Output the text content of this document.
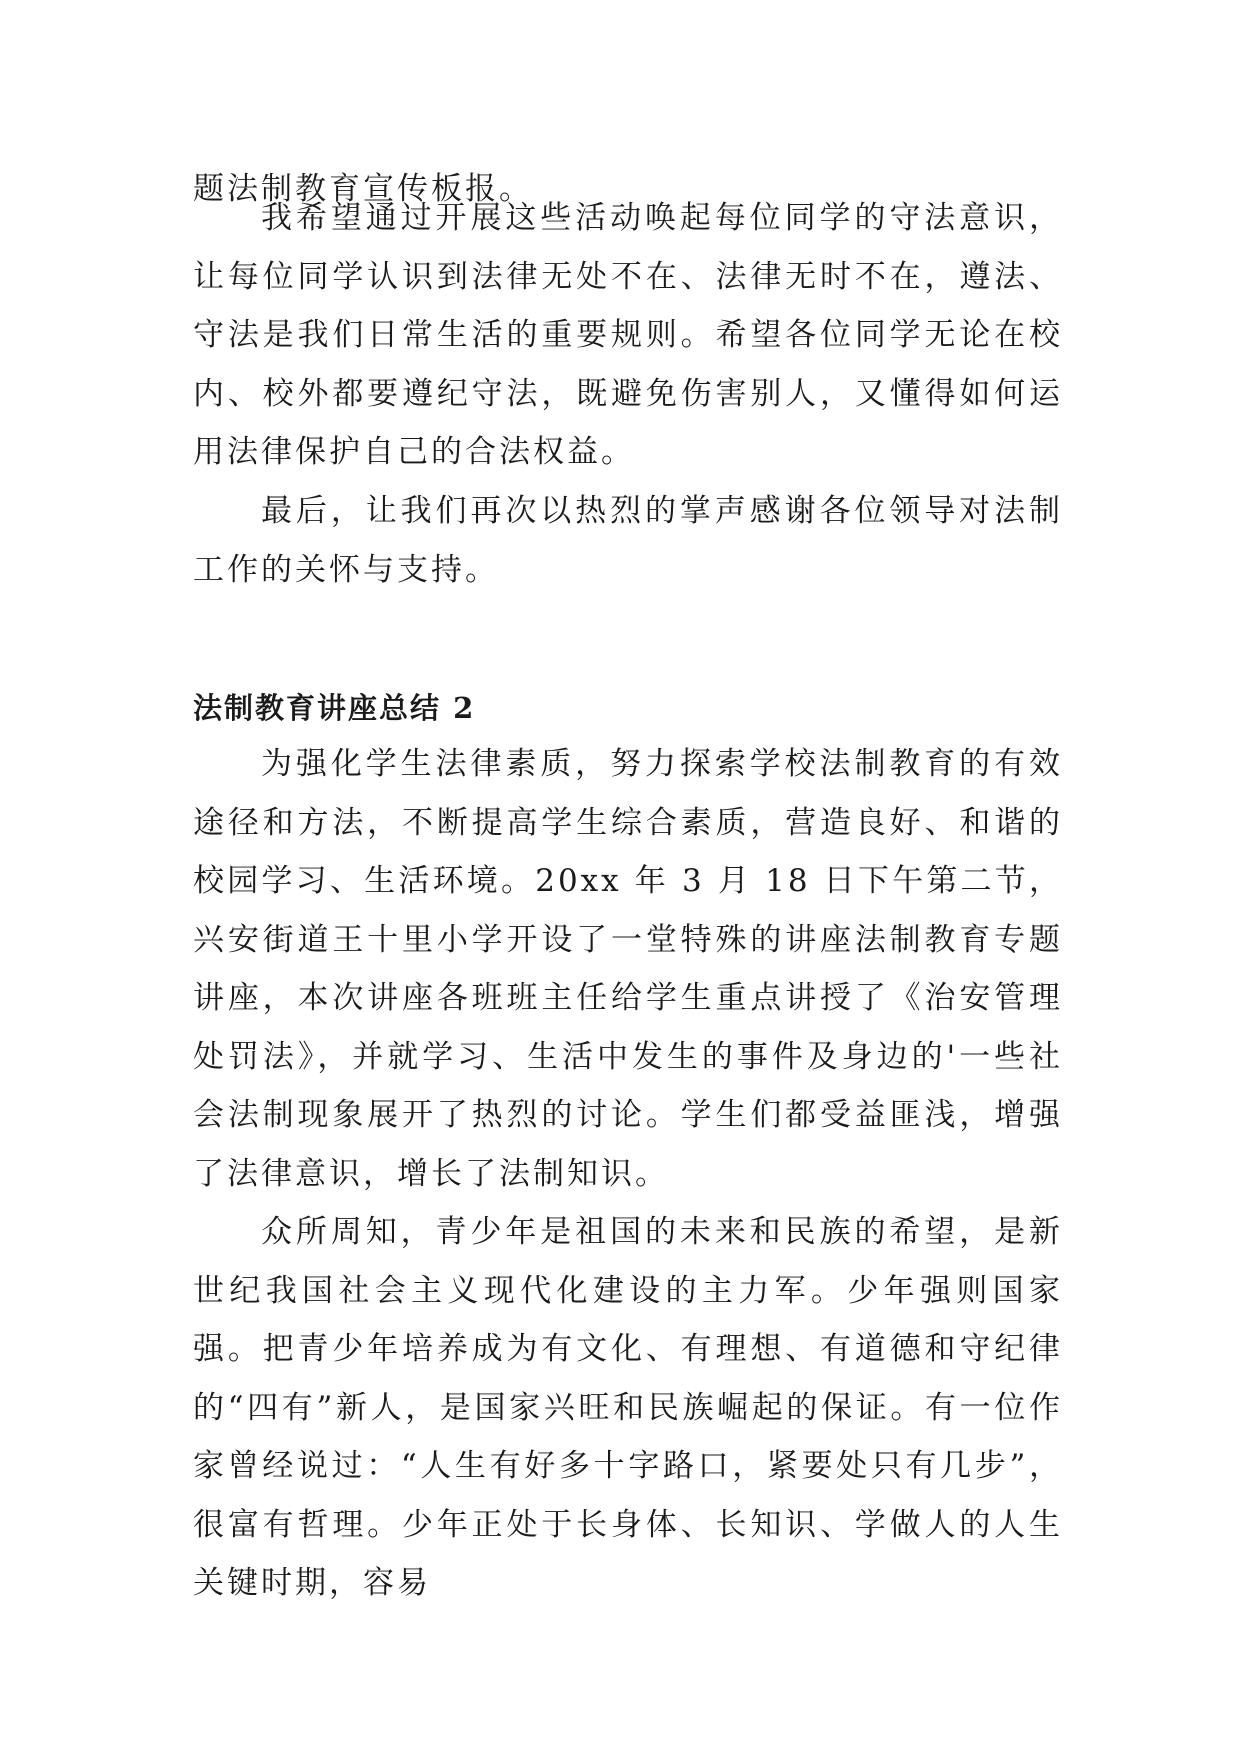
题法制教育宣传板报。

我希望通过开展这些活动唤起每位同学的守法意识，让每位同学认识到法律无处不在、法律无时不在，遵法、守法是我们日常生活的重要规则。希望各位同学无论在校内、校外都要遵纪守法，既避免伤害别人，又懂得如何运用法律保护自己的合法权益。

最后，让我们再次以热烈的掌声感谢各位领导对法制工作的关怀与支持。

法制教育讲座总结 2

为强化学生法律素质，努力探索学校法制教育的有效途径和方法，不断提高学生综合素质，营造良好、和谐的校园学习、生活环境。20xx 年 3 月 18 日下午第二节，兴安街道王十里小学开设了一堂特殊的讲座法制教育专题讲座，本次讲座各班班主任给学生重点讲授了《治安管理处罚法》，并就学习、生活中发生的事件及身边的'一些社会法制现象展开了热烈的讨论。学生们都受益匪浅，增强了法律意识，增长了法制知识。

众所周知，青少年是祖国的未来和民族的希望，是新世纪我国社会主义现代化建设的主力军。少年强则国家强。把青少年培养成为有文化、有理想、有道德和守纪律的“四有”新人，是国家兴旺和民族崛起的保证。有一位作家曾经说过：“人生有好多十字路口，紧要处只有几步”，很富有哲理。少年正处于长身体、长知识、学做人的人生关键时期，容易
